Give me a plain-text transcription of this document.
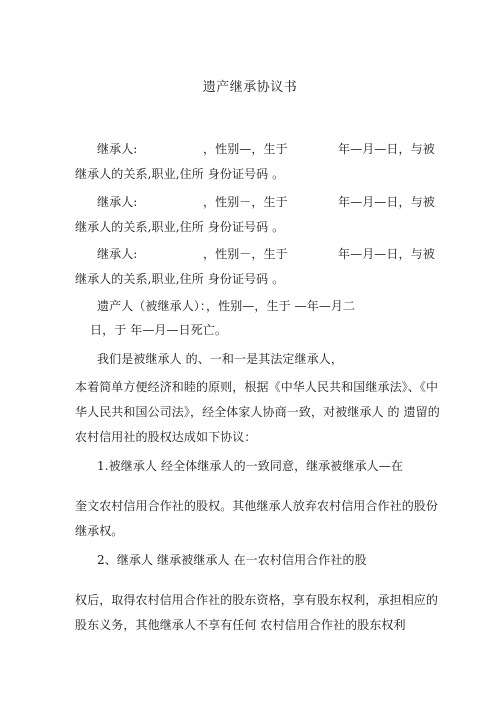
遗产继承协议书
继承人:	，性别—，生于	年—月—日，与被
继承人的关系,职业,住所 身份证号码 。
继承人:	，性别－，生于	年—月—日，与被
继承人的关系,职业,住所 身份证号码 。
继承人:	，性别－，生于	年—月—日，与被
继承人的关系,职业,住所 身份证号码 。
遗产人（被继承人）：，性别—，生于 —年—月二
日，于 年—月—日死亡。
我们是被继承人 的、一和一是其法定继承人，
本着简单方便经济和睦的原则，根据《中华人民共和国继承法》、《中
华人民共和国公司法》，经全体家人协商一致，对被继承人 的 遗留的
农村信用社的股权达成如下协议：
1.被继承人 经全体继承人的一致同意，继承被继承人—在
奎文农村信用合作社的股权。其他继承人放弃农村信用合作社的股份
继承权。
2、继承人 继承被继承人 在一农村信用合作社的股
权后，取得农村信用合作社的股东资格，享有股东权利，承担相应的
股东义务，其他继承人不享有任何 农村信用合作社的股东权利
